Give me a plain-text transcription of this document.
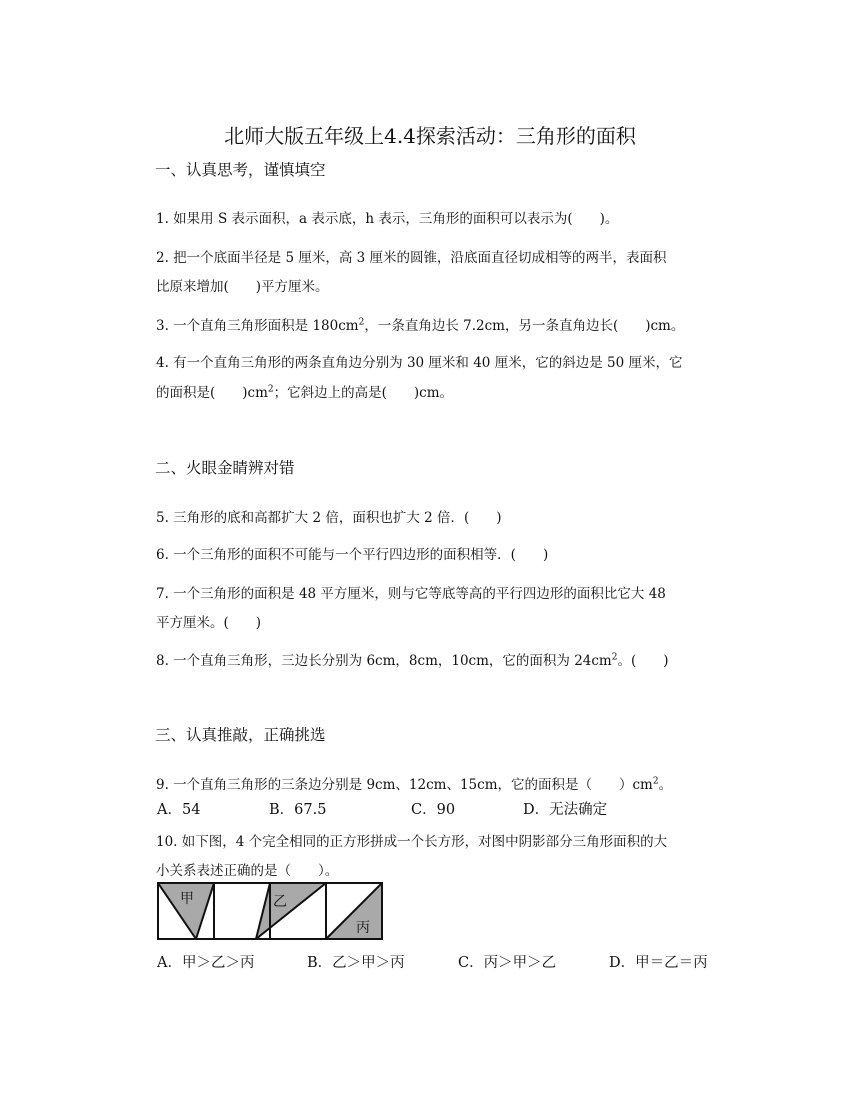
北师大版五年级上4.4探索活动：三角形的面积
一、认真思考，谨慎填空
1. 如果用 S 表示面积，a 表示底，h 表示，三角形的面积可以表示为(　　)。
2. 把一个底面半径是 5 厘米，高 3 厘米的圆锥，沿底面直径切成相等的两半，表面积
比原来增加(　　)平方厘米。
3. 一个直角三角形面积是 $180cm^2$，一条直角边长 7.2cm，另一条直角边长(　　)cm。
4. 有一个直角三角形的两条直角边分别为 30 厘米和 40 厘米，它的斜边是 50 厘米，它
的面积是(　　)$cm^2$；它斜边上的高是(　　)cm。
二、火眼金睛辨对错
5. 三角形的底和高都扩大 2 倍，面积也扩大 2 倍．(　　)
6. 一个三角形的面积不可能与一个平行四边形的面积相等．(　　)
7. 一个三角形的面积是 48 平方厘米，则与它等底等高的平行四边形的面积比它大 48
平方厘米。(　　)
8. 一个直角三角形，三边长分别为 6cm，8cm，10cm，它的面积为 $24cm^2$。(　　)
三、认真推敲，正确挑选
9. 一个直角三角形的三条边分别是 9cm、12cm、15cm，它的面积是（　　）$cm^2$。
A．54	B．67.5	C．90	D．无法确定
10. 如下图，4 个完全相同的正方形拼成一个长方形，对图中阴影部分三角形面积的大
小关系表述正确的是（　　）。
甲	乙
丙
A．甲＞乙＞丙	B．乙＞甲＞丙	C．丙＞甲＞乙	D．甲＝乙＝丙
